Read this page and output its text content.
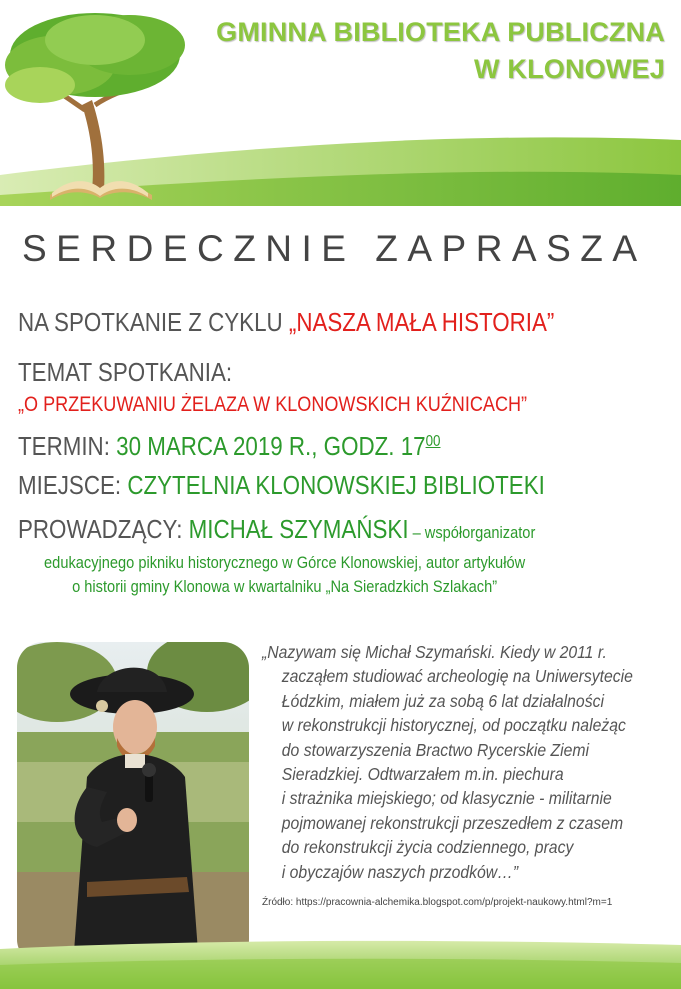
GMINNA BIBLIOTEKA PUBLICZNA
W KLONOWEJ
SERDECZNIE ZAPRASZA
NA SPOTKANIE Z CYKLU „NASZA MAŁA HISTORIA”
TEMAT SPOTKANIA:
„O PRZEKUWANIU ŻELAZA W KLONOWSKICH KUŹNICACH”
TERMIN: 30 MARCA 2019 R., GODZ. $17^{00}$
MIEJSCE: CZYTELNIA KLONOWSKIEJ BIBLIOTEKI
PROWADZĄCY: MICHAŁ SZYMAŃSKI – współorganizator
edukacyjnego pikniku historycznego w Górce Klonowskiej, autor artykułów
o historii gminy Klonowa w kwartalniku „Na Sieradzkich Szlakach”
„Nazywam się Michał Szymański. Kiedy w 2011 r.
zacząłem studiować archeologię na Uniwersytecie
Łódzkim, miałem już za sobą 6 lat działalności
w rekonstrukcji historycznej, od początku należąc
do stowarzyszenia Bractwo Rycerskie Ziemi
Sieradzkiej. Odtwarzałem m.in. piechura
i strażnika miejskiego; od klasycznie - militarnie
pojmowanej rekonstrukcji przeszedłem z czasem
do rekonstrukcji życia codziennego, pracy
i obyczajów naszych przodków…”
Źródło: https://pracownia-alchemika.blogspot.com/p/projekt-naukowy.html?m=1
